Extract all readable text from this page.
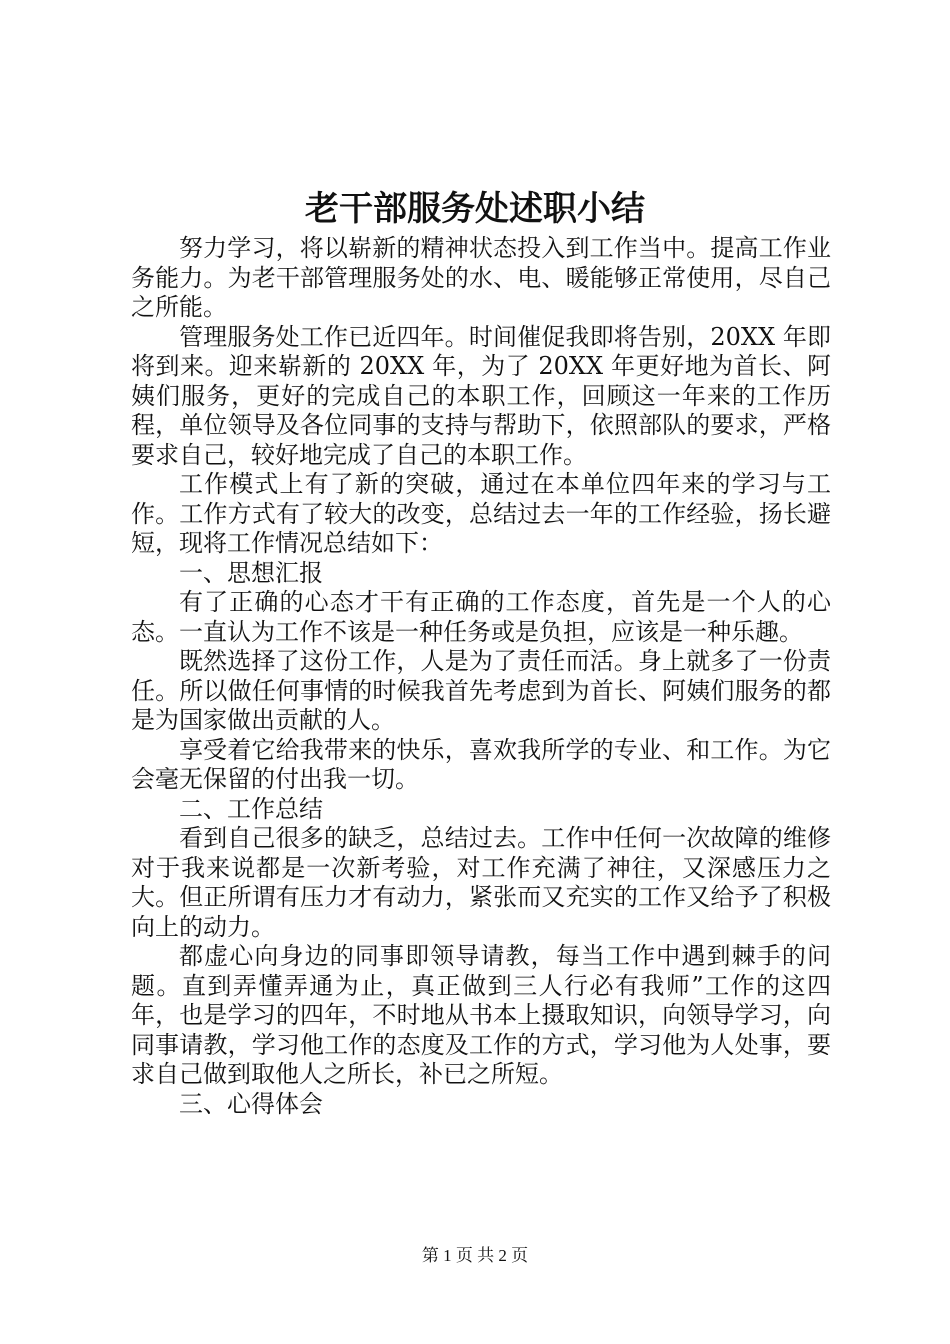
老干部服务处述职小结

努力学习，将以崭新的精神状态投入到工作当中。提高工作业务能力。为老干部管理服务处的水、电、暖能够正常使用，尽自己之所能。

管理服务处工作已近四年。时间催促我即将告别，20XX 年即将到来。迎来崭新的 20XX 年，为了 20XX 年更好地为首长、阿姨们服务，更好的完成自己的本职工作，回顾这一年来的工作历程，单位领导及各位同事的支持与帮助下，依照部队的要求，严格要求自己，较好地完成了自己的本职工作。

工作模式上有了新的突破，通过在本单位四年来的学习与工作。工作方式有了较大的改变，总结过去一年的工作经验，扬长避短，现将工作情况总结如下：

一、思想汇报

有了正确的心态才干有正确的工作态度，首先是一个人的心态。一直认为工作不该是一种任务或是负担，应该是一种乐趣。

既然选择了这份工作，人是为了责任而活。身上就多了一份责任。所以做任何事情的时候我首先考虑到为首长、阿姨们服务的都是为国家做出贡献的人。

享受着它给我带来的快乐，喜欢我所学的专业、和工作。为它会毫无保留的付出我一切。

二、工作总结

看到自己很多的缺乏，总结过去。工作中任何一次故障的维修对于我来说都是一次新考验，对工作充满了神往，又深感压力之大。但正所谓有压力才有动力，紧张而又充实的工作又给予了积极向上的动力。

都虚心向身边的同事即领导请教，每当工作中遇到棘手的问题。直到弄懂弄通为止，真正做到三人行必有我师”工作的这四年，也是学习的四年，不时地从书本上摄取知识，向领导学习，向同事请教，学习他工作的态度及工作的方式，学习他为人处事，要求自己做到取他人之所长，补已之所短。

三、心得体会

第 1 页 共 2 页
